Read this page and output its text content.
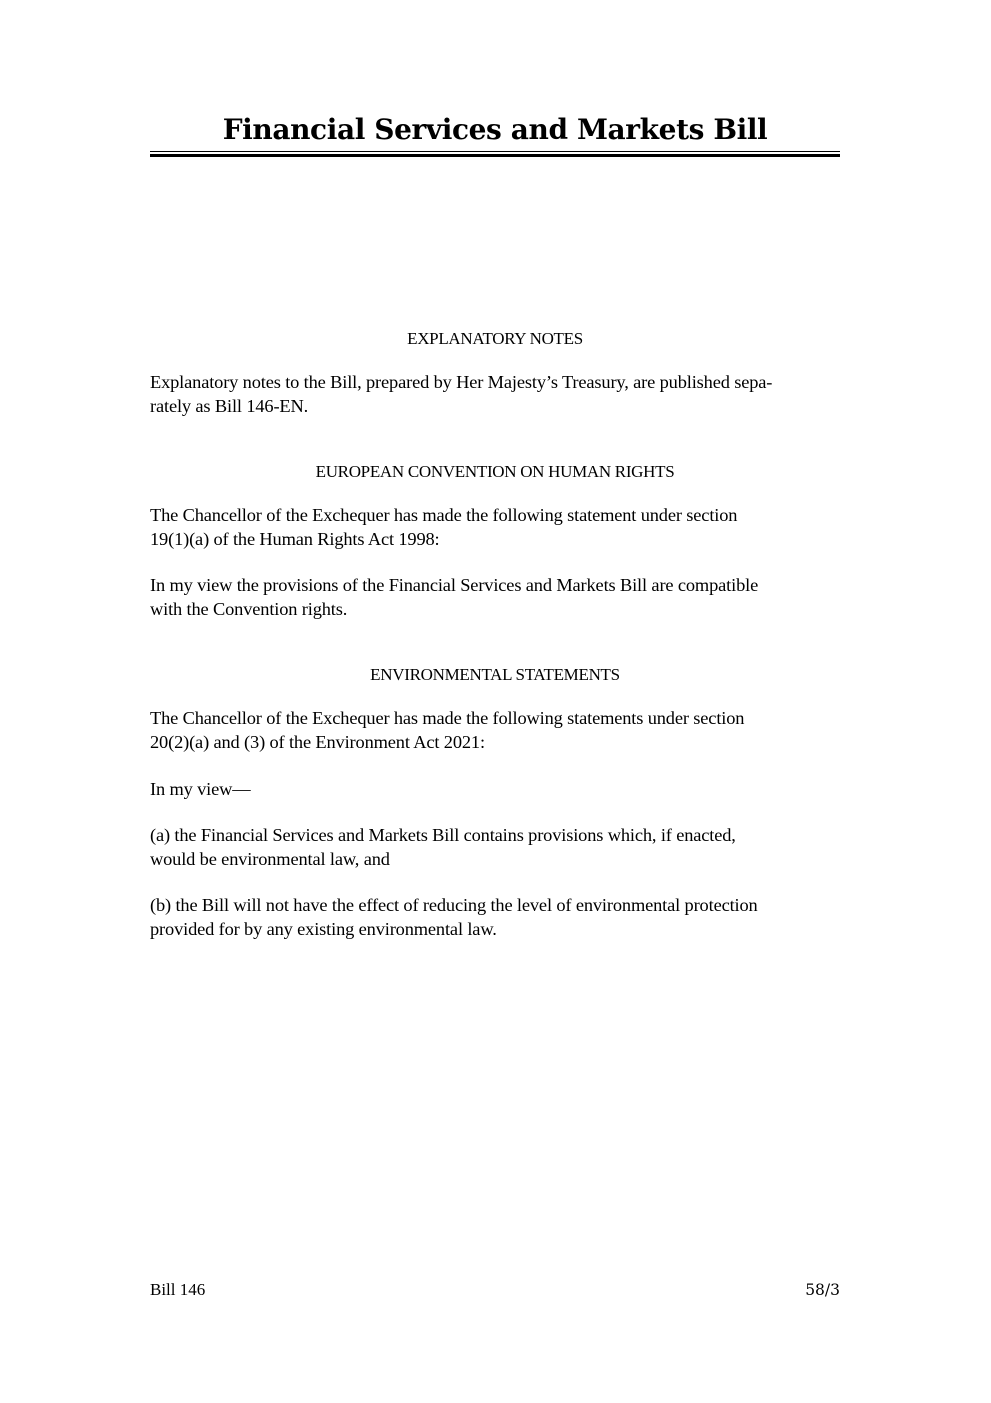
Financial Services and Markets Bill
EXPLANATORY NOTES

Explanatory notes to the Bill, prepared by Her Majesty’s Treasury, are published sepa-
rately as Bill 146-EN.

EUROPEAN CONVENTION ON HUMAN RIGHTS

The Chancellor of the Exchequer has made the following statement under section
19(1)(a) of the Human Rights Act 1998:

In my view the provisions of the Financial Services and Markets Bill are compatible
with the Convention rights.

ENVIRONMENTAL STATEMENTS

The Chancellor of the Exchequer has made the following statements under section
20(2)(a) and (3) of the Environment Act 2021:

In my view—

(a) the Financial Services and Markets Bill contains provisions which, if enacted,
would be environmental law, and

(b) the Bill will not have the effect of reducing the level of environmental protection
provided for by any existing environmental law.

Bill 146	58/3
